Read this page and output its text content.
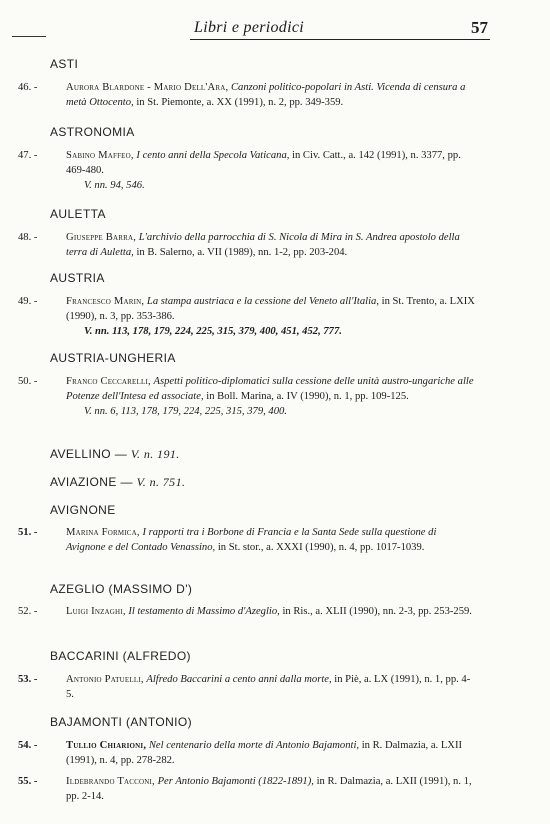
Libri e periodici	57
ASTI
46. -	Aurora Blardone - Mario Dell'Ara, Canzoni politico-popolari in Asti. Vicenda di censura a metà Ottocento, in St. Piemonte, a. XX (1991), n. 2, pp. 349-359.
ASTRONOMIA
47. -	Sabino Maffeo, I cento anni della Specola Vaticana, in Civ. Catt., a. 142 (1991), n. 3377, pp. 469-480.
V. nn. 94, 546.
AULETTA
48. -	Giuseppe Barra, L'archivio della parrocchia di S. Nicola di Mira in S. Andrea apostolo della terra di Auletta, in B. Salerno, a. VII (1989), nn. 1-2, pp. 203-204.
AUSTRIA
49. -	Francesco Marin, La stampa austriaca e la cessione del Veneto all'Italia, in St. Trento, a. LXIX (1990), n. 3, pp. 353-386.
V. nn. 113, 178, 179, 224, 225, 315, 379, 400, 451, 452, 777.
AUSTRIA-UNGHERIA
50. -	Franco Ceccarelli, Aspetti politico-diplomatici sulla cessione delle unità austro-ungariche alle Potenze dell'Intesa ed associate, in Boll. Marina, a. IV (1990), n. 1, pp. 109-125.
V. nn. 6, 113, 178, 179, 224, 225, 315, 379, 400.
AVELLINO — V. n. 191.
AVIAZIONE — V. n. 751.
AVIGNONE
51. -	Marina Formica, I rapporti tra i Borbone di Francia e la Santa Sede sulla questione di Avignone e del Contado Venassino, in St. stor., a. XXXI (1990), n. 4, pp. 1017-1039.
AZEGLIO (MASSIMO D')
52. -	Luigi Inzaghi, Il testamento di Massimo d'Azeglio, in Ris., a. XLII (1990), nn. 2-3, pp. 253-259.
BACCARINI (ALFREDO)
53. -	Antonio Patuelli, Alfredo Baccarini a cento anni dalla morte, in Piè, a. LX (1991), n. 1, pp. 4-5.
BAJAMONTI (ANTONIO)
54. -	Tullio Chiarioni, Nel centenario della morte di Antonio Bajamonti, in R. Dalmazia, a. LXII (1991), n. 4, pp. 278-282.
55. -	Ildebrando Tacconi, Per Antonio Bajamonti (1822-1891), in R. Dalmazia, a. LXII (1991), n. 1, pp. 2-14.
